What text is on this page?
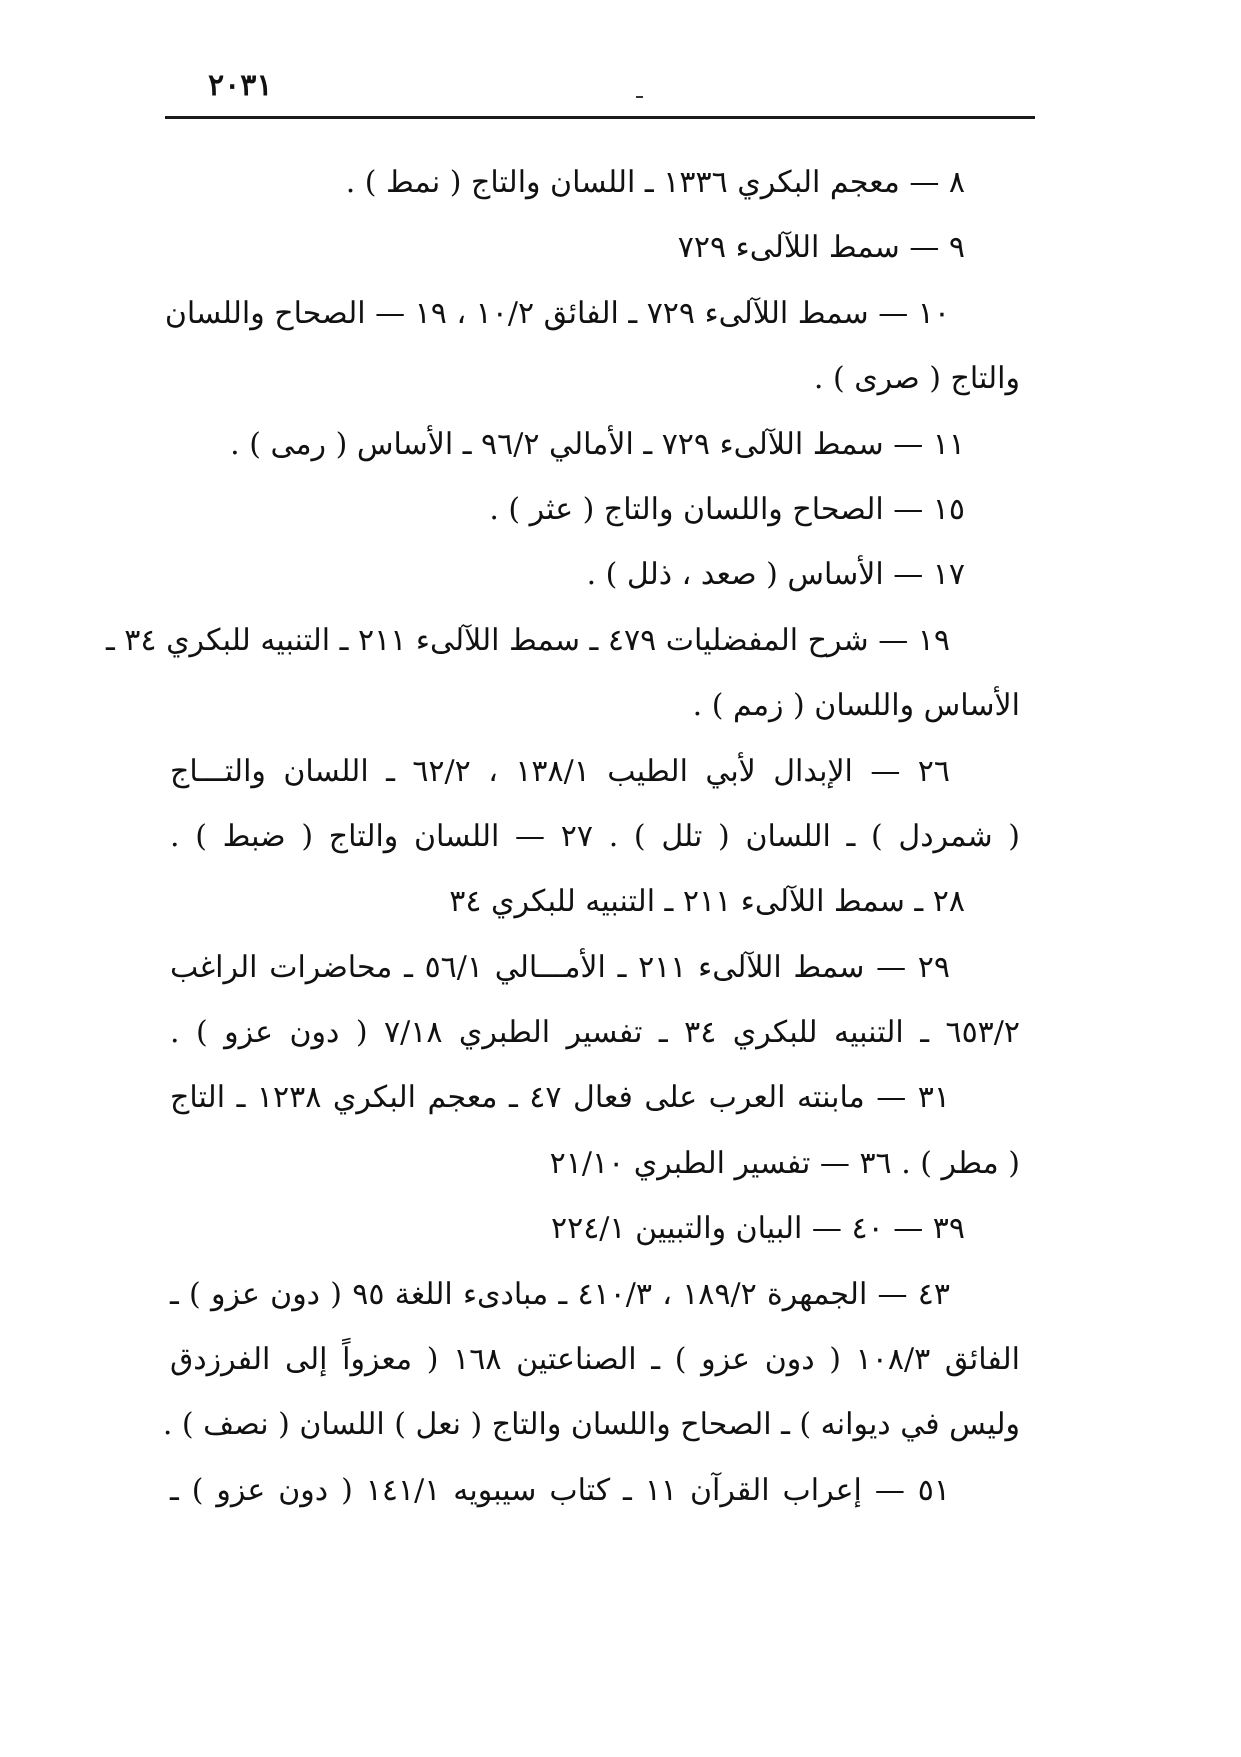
٢٠٣١
٨ — معجم البكري ١٣٣٦ ـ اللسان والتاج ( نمط ) .
٩ — سمط اللآلىء ٧٢٩
١٠ — سمط اللآلىء ٧٢٩ ـ الفائق ١٠/٢ ، ١٩ — الصحاح واللسان
والتاج ( صرى ) .
١١ — سمط اللآلىء ٧٢٩ ـ الأمالي ٩٦/٢ ـ الأساس ( رمى ) .
١٥ — الصحاح واللسان والتاج ( عثر ) .
١٧ — الأساس ( صعد ، ذلل ) .
١٩ — شرح المفضليات ٤٧٩ ـ سمط اللآلىء ٢١١ ـ التنبيه للبكري ٣٤ ـ
الأساس واللسان ( زمم ) .
٢٦ — الإبدال لأبي الطيب ١٣٨/١ ، ٦٢/٢ ـ اللسان والتـــاج
( شمردل ) ـ اللسان ( تلل ) . ٢٧ — اللسان والتاج ( ضبط ) .
٢٨ ـ سمط اللآلىء ٢١١ ـ التنبيه للبكري ٣٤
٢٩ — سمط اللآلىء ٢١١ ـ الأمـــالي ٥٦/١ ـ محاضرات الراغب
٦٥٣/٢ ـ التنبيه للبكري ٣٤ ـ تفسير الطبري ٧/١٨ ( دون عزو ) .
٣١ — مابنته العرب على فعال ٤٧ ـ معجم البكري ١٢٣٨ ـ التاج
( مطر ) . ٣٦ — تفسير الطبري ٢١/١٠
٣٩ — ٤٠ — البيان والتبيين ٢٢٤/١
٤٣ — الجمهرة ١٨٩/٢ ، ٤١٠/٣ ـ مبادىء اللغة ٩٥ ( دون عزو ) ـ
الفائق ١٠٨/٣ ( دون عزو ) ـ الصناعتين ١٦٨ ( معزواً إلى الفرزدق
وليس في ديوانه ) ـ الصحاح واللسان والتاج ( نعل ) اللسان ( نصف ) .
٥١ — إعراب القرآن ١١ ـ كتاب سيبويه ١٤١/١ ( دون عزو ) ـ
